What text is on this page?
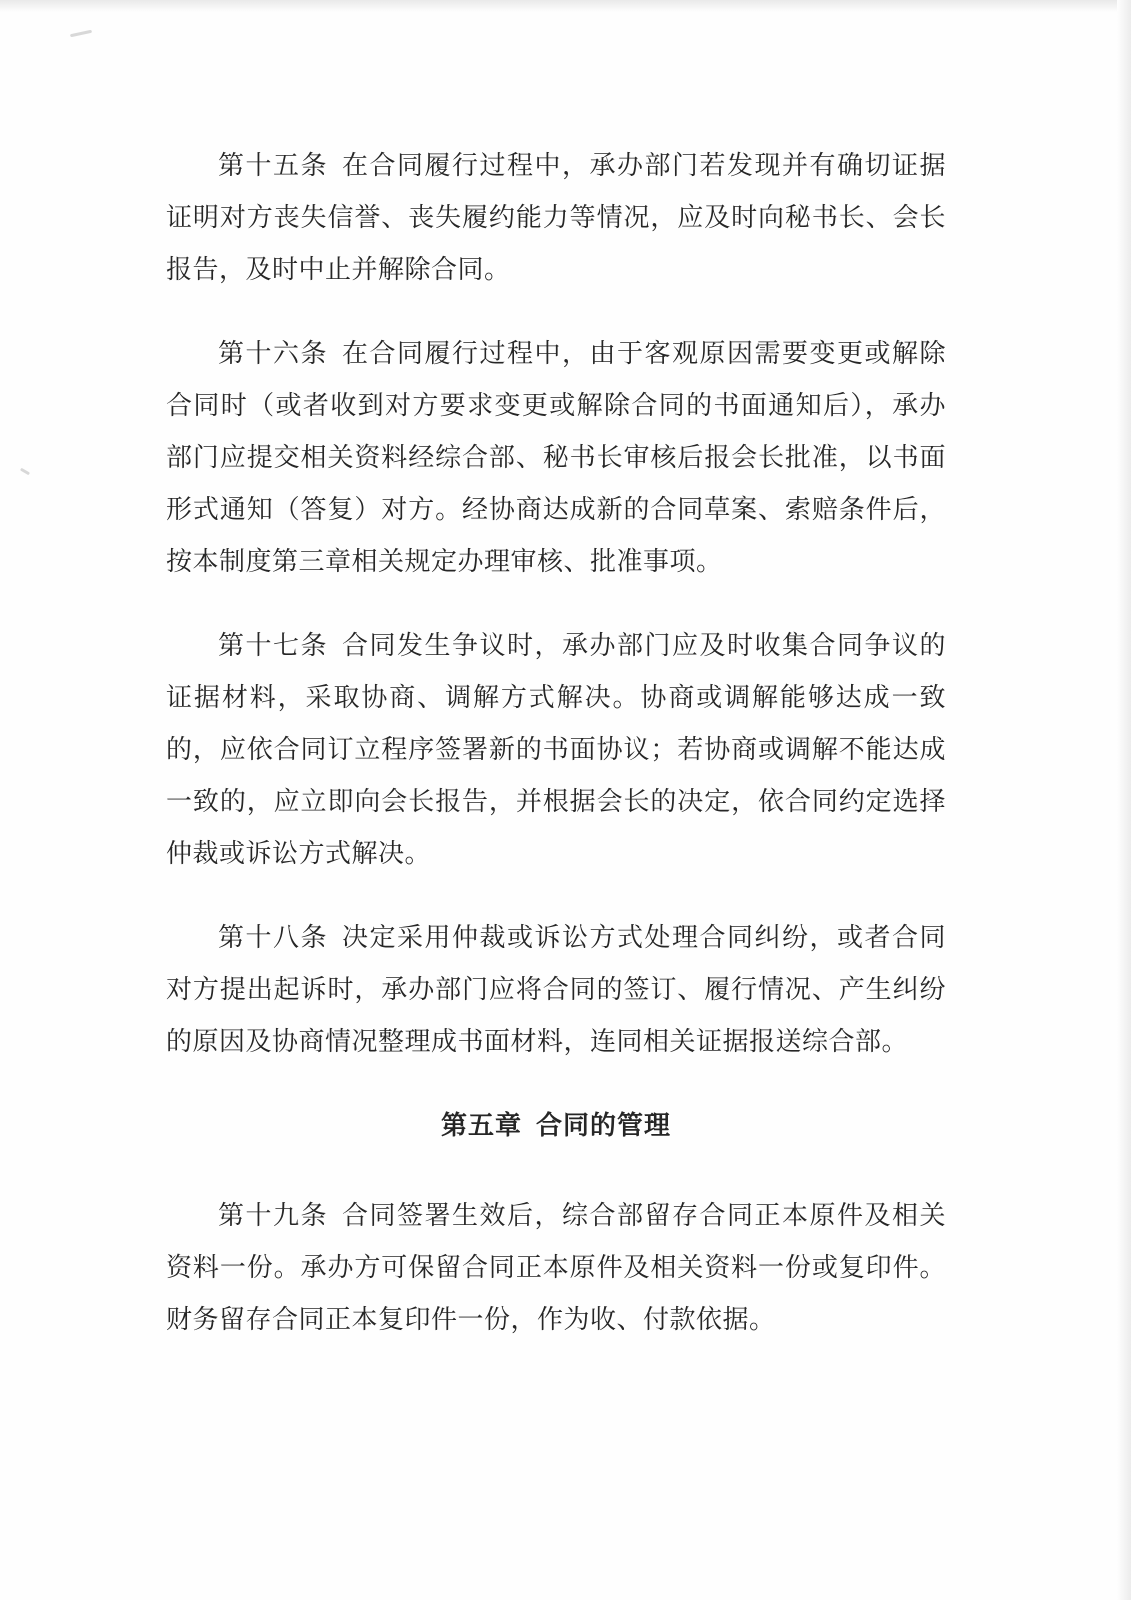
第十五条 在合同履行过程中，承办部门若发现并有确切证据证明对方丧失信誉、丧失履约能力等情况，应及时向秘书长、会长报告，及时中止并解除合同。

第十六条 在合同履行过程中，由于客观原因需要变更或解除合同时（或者收到对方要求变更或解除合同的书面通知后），承办部门应提交相关资料经综合部、秘书长审核后报会长批准，以书面形式通知（答复）对方。经协商达成新的合同草案、索赔条件后，按本制度第三章相关规定办理审核、批准事项。

第十七条 合同发生争议时，承办部门应及时收集合同争议的证据材料，采取协商、调解方式解决。协商或调解能够达成一致的，应依合同订立程序签署新的书面协议；若协商或调解不能达成一致的，应立即向会长报告，并根据会长的决定，依合同约定选择仲裁或诉讼方式解决。

第十八条 决定采用仲裁或诉讼方式处理合同纠纷，或者合同对方提出起诉时，承办部门应将合同的签订、履行情况、产生纠纷的原因及协商情况整理成书面材料，连同相关证据报送综合部。

第五章 合同的管理

第十九条 合同签署生效后，综合部留存合同正本原件及相关资料一份。承办方可保留合同正本原件及相关资料一份或复印件。财务留存合同正本复印件一份，作为收、付款依据。
